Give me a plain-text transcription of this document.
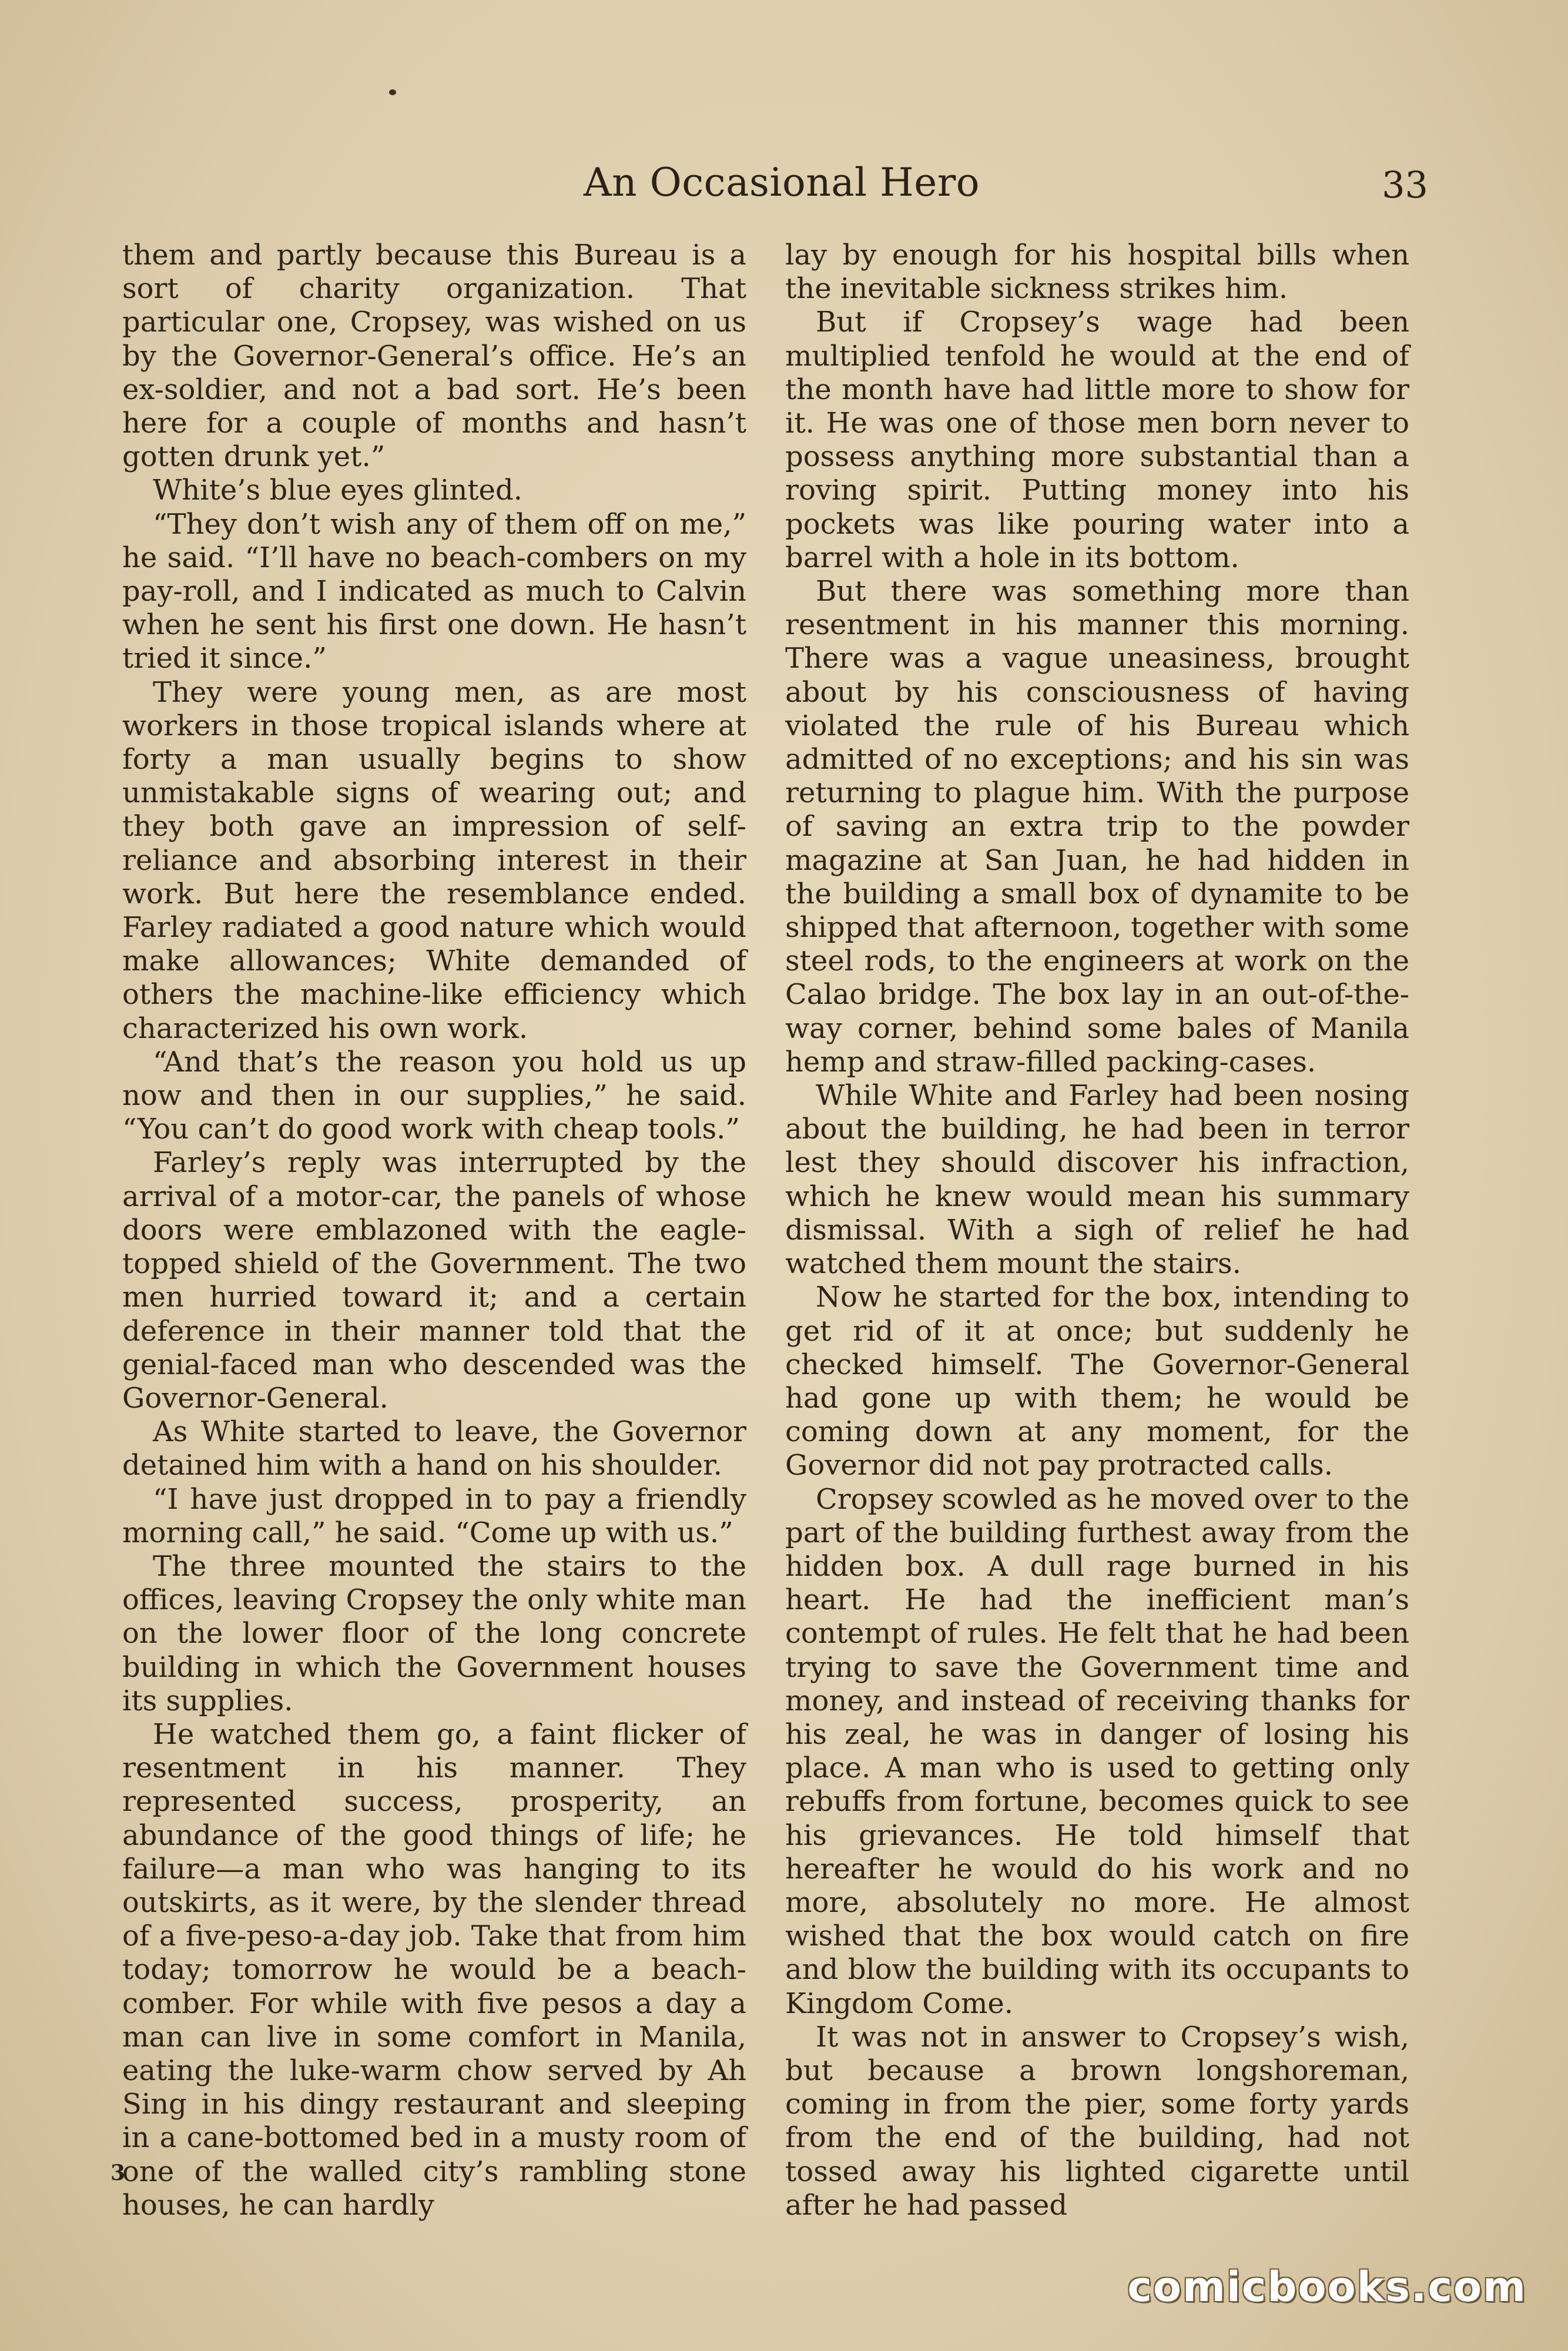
An Occasional Hero	33

them and partly because this Bureau is a sort of charity organization. That particular one, Cropsey, was wished on us by the Governor-General’s office. He’s an ex-soldier, and not a bad sort. He’s been here for a couple of months and hasn’t gotten drunk yet.”

White’s blue eyes glinted.

“They don’t wish any of them off on me,” he said. “I’ll have no beach-combers on my pay-roll, and I indicated as much to Calvin when he sent his first one down. He hasn’t tried it since.”

They were young men, as are most workers in those tropical islands where at forty a man usually begins to show unmistakable signs of wearing out; and they both gave an impression of self-reliance and absorbing interest in their work. But here the resemblance ended. Farley radiated a good nature which would make allowances; White demanded of others the machine-like efficiency which characterized his own work.

“And that’s the reason you hold us up now and then in our supplies,” he said. “You can’t do good work with cheap tools.”

Farley’s reply was interrupted by the arrival of a motor-car, the panels of whose doors were emblazoned with the eagle-topped shield of the Government. The two men hurried toward it; and a certain deference in their manner told that the genial-faced man who descended was the Governor-General.

As White started to leave, the Governor detained him with a hand on his shoulder.

“I have just dropped in to pay a friendly morning call,” he said. “Come up with us.”

The three mounted the stairs to the offices, leaving Cropsey the only white man on the lower floor of the long concrete building in which the Government houses its supplies.

He watched them go, a faint flicker of resentment in his manner. They represented success, prosperity, an abundance of the good things of life; he failure—a man who was hanging to its outskirts, as it were, by the slender thread of a five-peso-a-day job. Take that from him today; tomorrow he would be a beach-comber. For while with five pesos a day a man can live in some comfort in Manila, eating the luke-warm chow served by Ah Sing in his dingy restaurant and sleeping in a cane-bottomed bed in a musty room of one of the walled city’s rambling stone houses, he can hardly

lay by enough for his hospital bills when the inevitable sickness strikes him.

But if Cropsey’s wage had been multiplied tenfold he would at the end of the month have had little more to show for it. He was one of those men born never to possess anything more substantial than a roving spirit. Putting money into his pockets was like pouring water into a barrel with a hole in its bottom.

But there was something more than resentment in his manner this morning. There was a vague uneasiness, brought about by his consciousness of having violated the rule of his Bureau which admitted of no exceptions; and his sin was returning to plague him. With the purpose of saving an extra trip to the powder magazine at San Juan, he had hidden in the building a small box of dynamite to be shipped that afternoon, together with some steel rods, to the engineers at work on the Calao bridge. The box lay in an out-of-the-way corner, behind some bales of Manila hemp and straw-filled packing-cases.

While White and Farley had been nosing about the building, he had been in terror lest they should discover his infraction, which he knew would mean his summary dismissal. With a sigh of relief he had watched them mount the stairs.

Now he started for the box, intending to get rid of it at once; but suddenly he checked himself. The Governor-General had gone up with them; he would be coming down at any moment, for the Governor did not pay protracted calls.

Cropsey scowled as he moved over to the part of the building furthest away from the hidden box. A dull rage burned in his heart. He had the inefficient man’s contempt of rules. He felt that he had been trying to save the Government time and money, and instead of receiving thanks for his zeal, he was in danger of losing his place. A man who is used to getting only rebuffs from fortune, becomes quick to see his grievances. He told himself that hereafter he would do his work and no more, absolutely no more. He almost wished that the box would catch on fire and blow the building with its occupants to Kingdom Come.

It was not in answer to Cropsey’s wish, but because a brown longshoreman, coming in from the pier, some forty yards from the end of the building, had not tossed away his lighted cigarette until after he had passed

3
comicbooks.com
